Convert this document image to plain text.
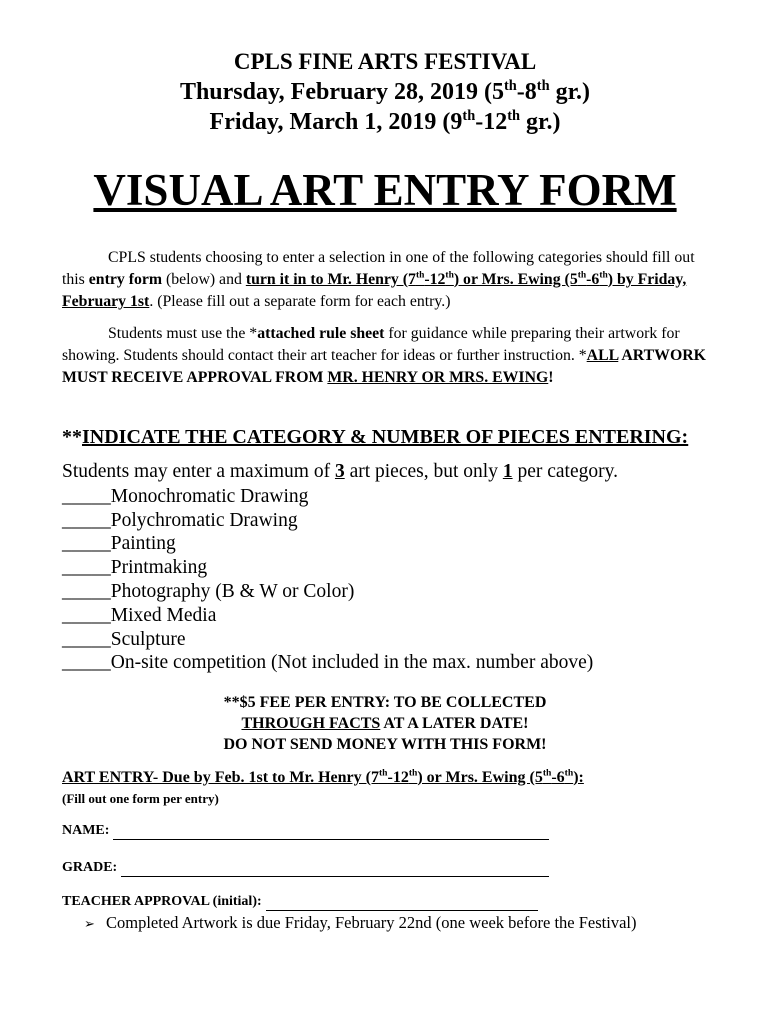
CPLS FINE ARTS FESTIVAL
Thursday, February 28, 2019 (5th-8th gr.)
Friday, March 1, 2019 (9th-12th gr.)
VISUAL ART ENTRY FORM
CPLS students choosing to enter a selection in one of the following categories should fill out this entry form (below) and turn it in to Mr. Henry (7th-12th) or Mrs. Ewing (5th-6th) by Friday, February 1st. (Please fill out a separate form for each entry.)
Students must use the *attached rule sheet for guidance while preparing their artwork for showing. Students should contact their art teacher for ideas or further instruction. *ALL ARTWORK MUST RECEIVE APPROVAL FROM MR. HENRY OR MRS. EWING!
**INDICATE THE CATEGORY & NUMBER OF PIECES ENTERING:
Students may enter a maximum of 3 art pieces, but only 1 per category.
_____Monochromatic Drawing
_____Polychromatic Drawing
_____Painting
_____Printmaking
_____Photography (B & W or Color)
_____Mixed Media
_____Sculpture
_____On-site competition (Not included in the max. number above)
**$5 FEE PER ENTRY: TO BE COLLECTED
THROUGH FACTS AT A LATER DATE!
DO NOT SEND MONEY WITH THIS FORM!
ART ENTRY- Due by Feb. 1st to Mr. Henry (7th-12th) or Mrs. Ewing (5th-6th):
(Fill out one form per entry)
NAME:
GRADE:
TEACHER APPROVAL (initial):
➢ Completed Artwork is due Friday, February 22nd (one week before the Festival)
